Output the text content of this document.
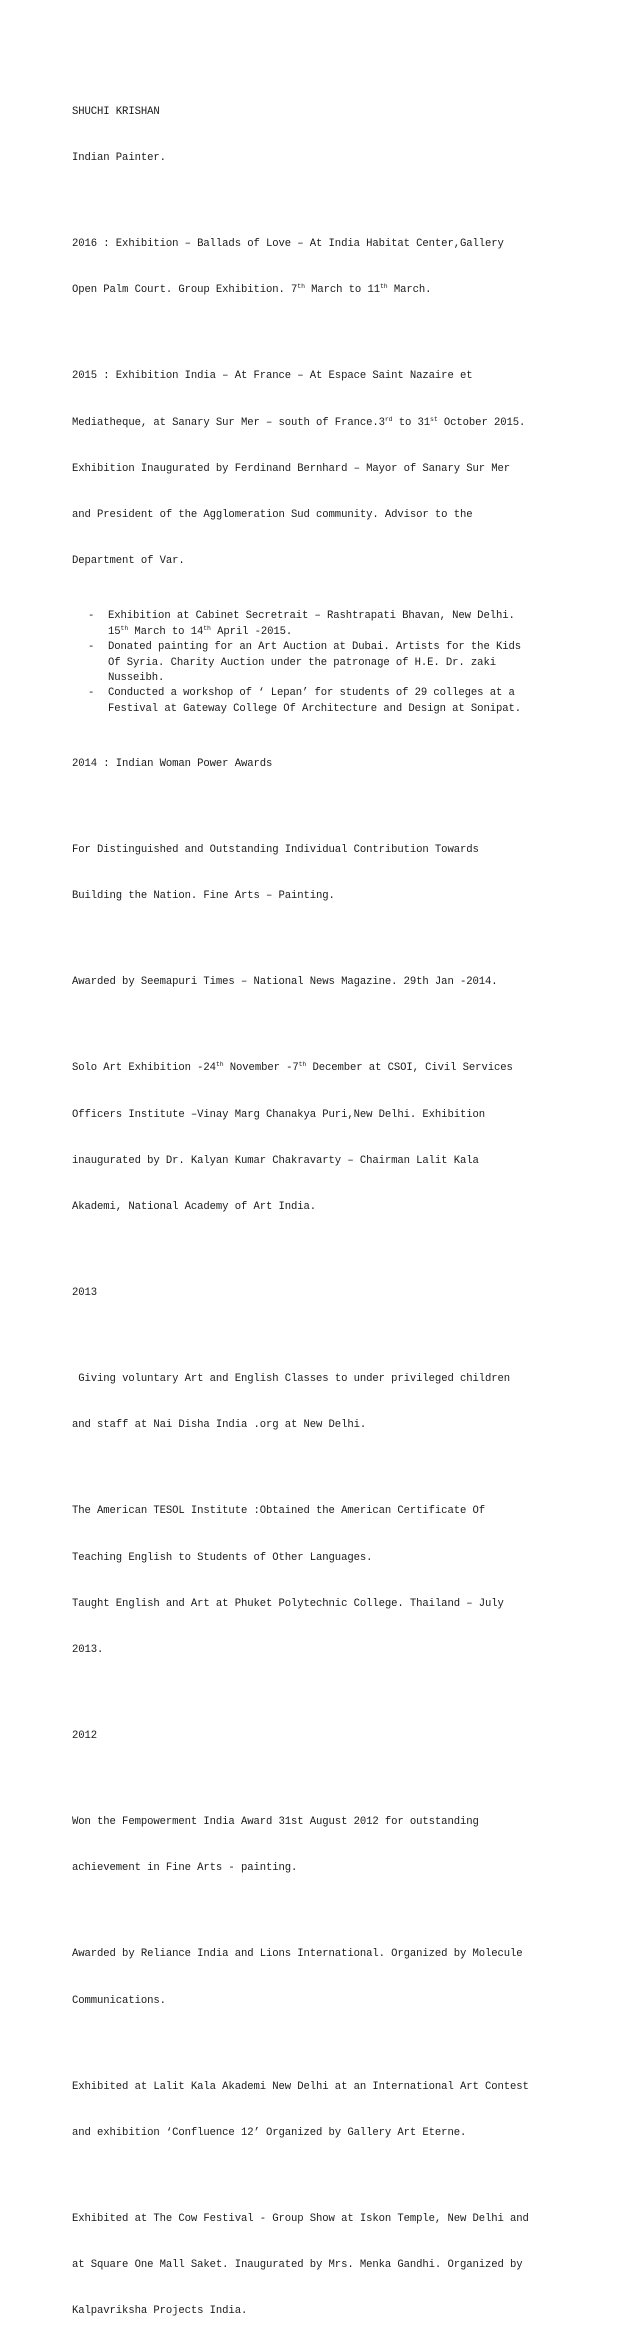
SHUCHI KRISHAN

Indian Painter.

2016 : Exhibition – Ballads of Love – At India Habitat Center,Gallery

Open Palm Court. Group Exhibition. 7th March to 11th March.

2015 : Exhibition India – At France – At Espace Saint Nazaire et

Mediatheque, at Sanary Sur Mer – south of France.3rd to 31st October 2015.

Exhibition Inaugurated by Ferdinand Bernhard – Mayor of Sanary Sur Mer

and President of the Agglomeration Sud community. Advisor to the

Department of Var.

- Exhibition at Cabinet Secretrait – Rashtrapati Bhavan, New Delhi.
15th March to 14th April -2015.
- Donated painting for an Art Auction at Dubai. Artists for the Kids
Of Syria. Charity Auction under the patronage of H.E. Dr. zaki
Nusseibh.
- Conducted a workshop of ‘ Lepan’ for students of 29 colleges at a
Festival at Gateway College Of Architecture and Design at Sonipat.

2014 : Indian Woman Power Awards

For Distinguished and Outstanding Individual Contribution Towards

Building the Nation. Fine Arts – Painting.

Awarded by Seemapuri Times – National News Magazine. 29th Jan -2014.

Solo Art Exhibition -24th November -7th December at CSOI, Civil Services

Officers Institute –Vinay Marg Chanakya Puri,New Delhi. Exhibition

inaugurated by Dr. Kalyan Kumar Chakravarty – Chairman Lalit Kala

Akademi, National Academy of Art India.

2013

Giving voluntary Art and English Classes to under privileged children

and staff at Nai Disha India .org at New Delhi.

The American TESOL Institute :Obtained the American Certificate Of

Teaching English to Students of Other Languages.

Taught English and Art at Phuket Polytechnic College. Thailand – July

2013.

2012

Won the Fempowerment India Award 31st August 2012 for outstanding

achievement in Fine Arts - painting.

Awarded by Reliance India and Lions International. Organized by Molecule

Communications.

Exhibited at Lalit Kala Akademi New Delhi at an International Art Contest

and exhibition ‘Confluence 12’ Organized by Gallery Art Eterne.

Exhibited at The Cow Festival - Group Show at Iskon Temple, New Delhi and

at Square One Mall Saket. Inaugurated by Mrs. Menka Gandhi. Organized by

Kalpavriksha Projects India.
